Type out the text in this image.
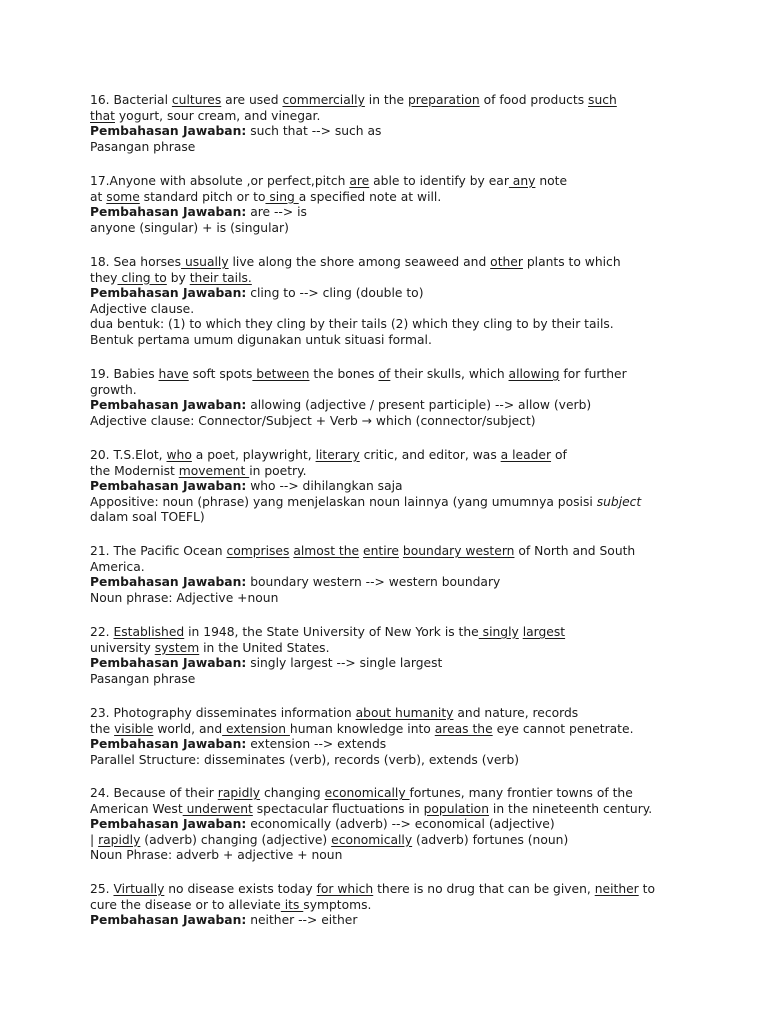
16. Bacterial cultures are used commercially in the preparation of food products such
that yogurt, sour cream, and vinegar.
Pembahasan Jawaban: such that --> such as
Pasangan phrase
17.Anyone with absolute ,or perfect,pitch are able to identify by ear any note
at some standard pitch or to sing a specified note at will.
Pembahasan Jawaban: are --> is
anyone (singular) + is (singular)
18. Sea horses usually live along the shore among seaweed and other plants to which
they cling to by their tails.
Pembahasan Jawaban: cling to --> cling (double to)
Adjective clause.
dua bentuk: (1) to which they cling by their tails (2) which they cling to by their tails.
Bentuk pertama umum digunakan untuk situasi formal.
19. Babies have soft spots between the bones of their skulls, which allowing for further
growth.
Pembahasan Jawaban: allowing (adjective / present participle) --> allow (verb)
Adjective clause: Connector/Subject + Verb → which (connector/subject)
20. T.S.Elot, who a poet, playwright, literary critic, and editor, was a leader of
the Modernist movement in poetry.
Pembahasan Jawaban: who --> dihilangkan saja
Appositive: noun (phrase) yang menjelaskan noun lainnya (yang umumnya posisi subject
dalam soal TOEFL)
21. The Pacific Ocean comprises almost the entire boundary western of North and South
America.
Pembahasan Jawaban: boundary western --> western boundary
Noun phrase: Adjective +noun
22. Established in 1948, the State University of New York is the singly largest
university system in the United States.
Pembahasan Jawaban: singly largest --> single largest
Pasangan phrase
23. Photography disseminates information about humanity and nature, records
the visible world, and extension human knowledge into areas the eye cannot penetrate.
Pembahasan Jawaban: extension --> extends
Parallel Structure: disseminates (verb), records (verb), extends (verb)
24. Because of their rapidly changing economically fortunes, many frontier towns of the
American West underwent spectacular fluctuations in population in the nineteenth century.
Pembahasan Jawaban: economically (adverb) --> economical (adjective)
| rapidly (adverb) changing (adjective) economically (adverb) fortunes (noun)
Noun Phrase: adverb + adjective + noun
25. Virtually no disease exists today for which there is no drug that can be given, neither to
cure the disease or to alleviate its symptoms.
Pembahasan Jawaban: neither --> either
